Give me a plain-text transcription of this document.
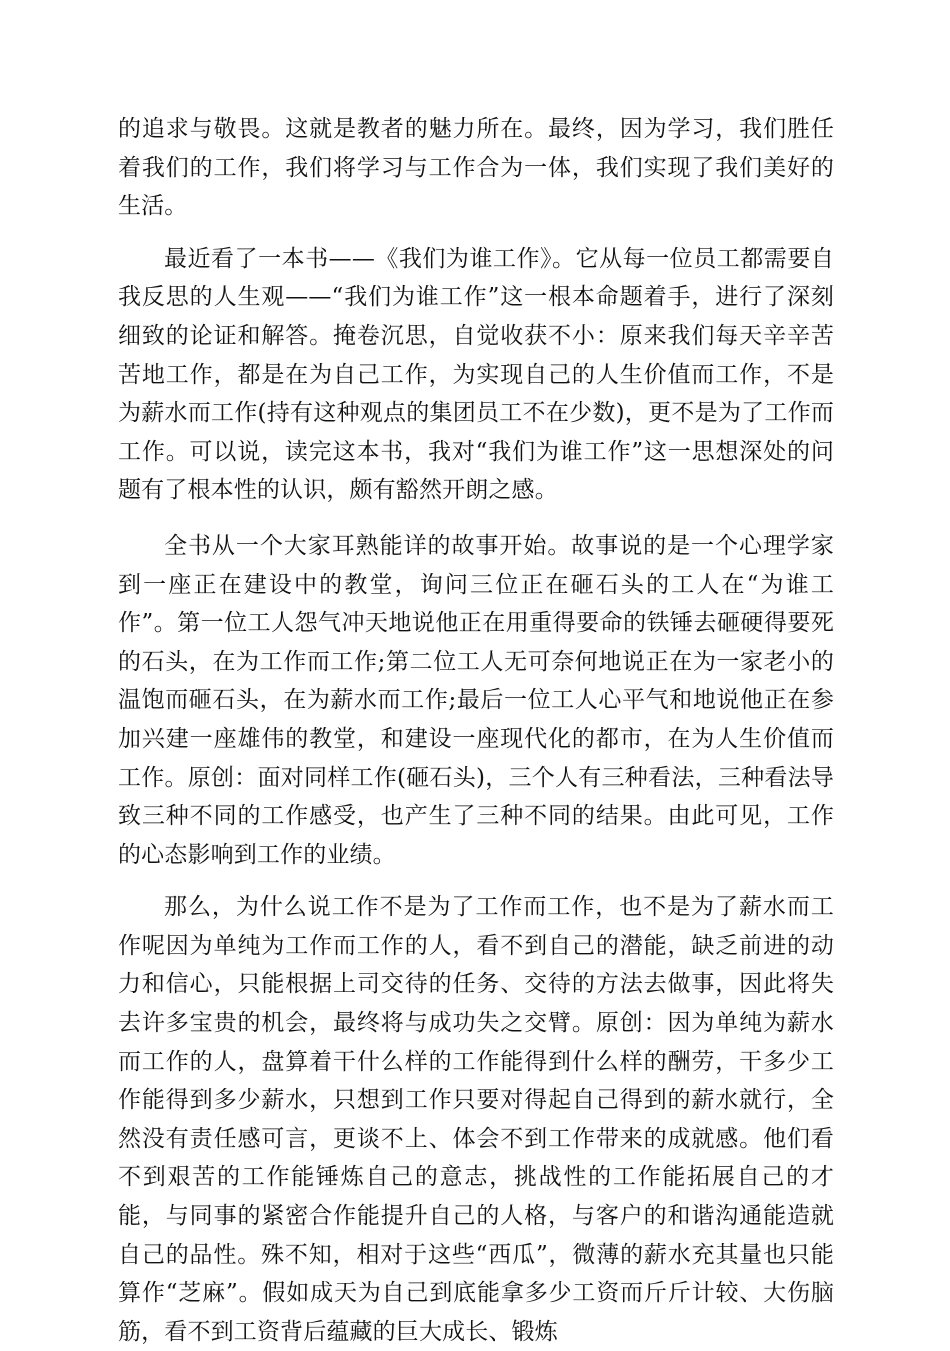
的追求与敬畏。这就是教者的魅力所在。最终，因为学习，我们胜任着我们的工作，我们将学习与工作合为一体，我们实现了我们美好的生活。

最近看了一本书——《我们为谁工作》。它从每一位员工都需要自我反思的人生观——“我们为谁工作”这一根本命题着手，进行了深刻细致的论证和解答。掩卷沉思，自觉收获不小：原来我们每天辛辛苦苦地工作，都是在为自己工作，为实现自己的人生价值而工作，不是为薪水而工作(持有这种观点的集团员工不在少数)，更不是为了工作而工作。可以说，读完这本书，我对“我们为谁工作”这一思想深处的问题有了根本性的认识，颇有豁然开朗之感。

全书从一个大家耳熟能详的故事开始。故事说的是一个心理学家到一座正在建设中的教堂，询问三位正在砸石头的工人在“为谁工作”。第一位工人怨气冲天地说他正在用重得要命的铁锤去砸硬得要死的石头，在为工作而工作;第二位工人无可奈何地说正在为一家老小的温饱而砸石头，在为薪水而工作;最后一位工人心平气和地说他正在参加兴建一座雄伟的教堂，和建设一座现代化的都市，在为人生价值而工作。原创：面对同样工作(砸石头)，三个人有三种看法，三种看法导致三种不同的工作感受，也产生了三种不同的结果。由此可见，工作的心态影响到工作的业绩。

那么，为什么说工作不是为了工作而工作，也不是为了薪水而工作呢因为单纯为工作而工作的人，看不到自己的潜能，缺乏前进的动力和信心，只能根据上司交待的任务、交待的方法去做事，因此将失去许多宝贵的机会，最终将与成功失之交臂。原创：因为单纯为薪水而工作的人，盘算着干什么样的工作能得到什么样的酬劳，干多少工作能得到多少薪水，只想到工作只要对得起自己得到的薪水就行，全然没有责任感可言，更谈不上、体会不到工作带来的成就感。他们看不到艰苦的工作能锤炼自己的意志，挑战性的工作能拓展自己的才能，与同事的紧密合作能提升自己的人格，与客户的和谐沟通能造就自己的品性。殊不知，相对于这些“西瓜”，微薄的薪水充其量也只能算作“芝麻”。假如成天为自己到底能拿多少工资而斤斤计较、大伤脑筋，看不到工资背后蕴藏的巨大成长、锻炼
